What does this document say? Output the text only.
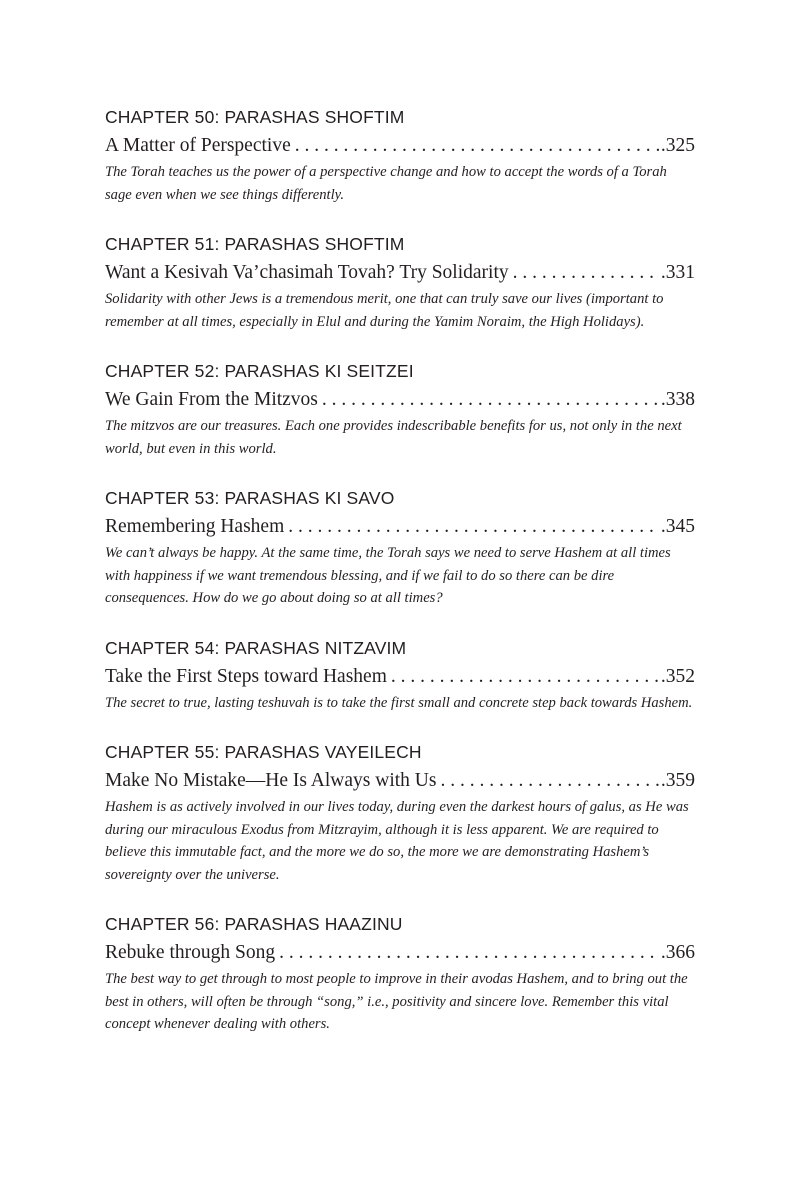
CHAPTER 50: PARASHAS SHOFTIM
A Matter of Perspective . . .	.325

The Torah teaches us the power of a perspective change and how to accept the words of a Torah sage even when we see things differently.

CHAPTER 51: PARASHAS SHOFTIM
Want a Kesivah Va’chasimah Tovah? Try Solidarity . . .	.331

Solidarity with other Jews is a tremendous merit, one that can truly save our lives (important to remember at all times, especially in Elul and during the Yamim Noraim, the High Holidays).

CHAPTER 52: PARASHAS KI SEITZEI
We Gain From the Mitzvos . . .	.338

The mitzvos are our treasures. Each one provides indescribable benefits for us, not only in the next world, but even in this world.

CHAPTER 53: PARASHAS KI SAVO
Remembering Hashem . . .	.345

We can’t always be happy. At the same time, the Torah says we need to serve Hashem at all times with happiness if we want tremendous blessing, and if we fail to do so there can be dire consequences. How do we go about doing so at all times?

CHAPTER 54: PARASHAS NITZAVIM
Take the First Steps toward Hashem . . .	.352

The secret to true, lasting teshuvah is to take the first small and concrete step back towards Hashem.

CHAPTER 55: PARASHAS VAYEILECH
Make No Mistake—He Is Always with Us . . .	.359

Hashem is as actively involved in our lives today, during even the darkest hours of galus, as He was during our miraculous Exodus from Mitzrayim, although it is less apparent. We are required to believe this immutable fact, and the more we do so, the more we are demonstrating Hashem’s sovereignty over the universe.

CHAPTER 56: PARASHAS HAAZINU
Rebuke through Song . . .	.366

The best way to get through to most people to improve in their avodas Hashem, and to bring out the best in others, will often be through “song,” i.e., positivity and sincere love. Remember this vital concept whenever dealing with others.
